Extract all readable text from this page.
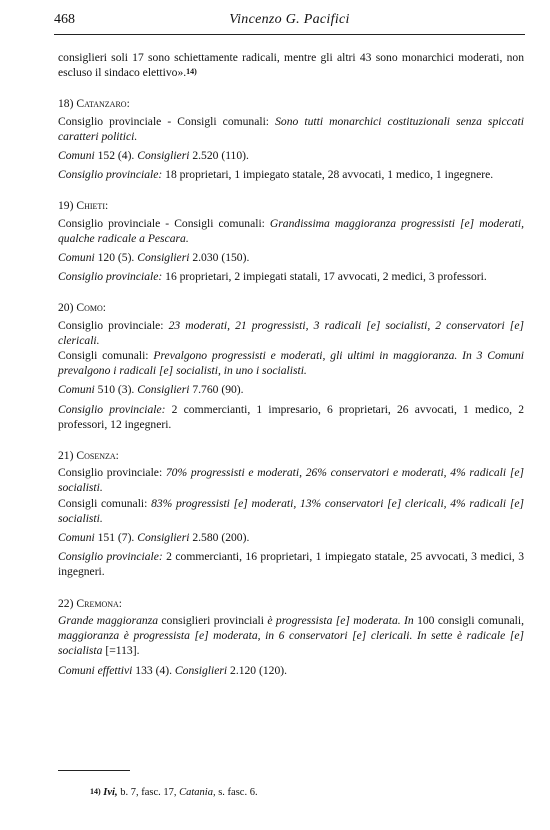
468	Vincenzo G. Pacifici

consiglieri soli 17 sono schiettamente radicali, mentre gli altri 43 sono monarchici moderati, non escluso il sindaco elettivo».$^{14)}$

18) Catanzaro:

Consiglio provinciale - Consigli comunali: Sono tutti monarchici costituzionali senza spiccati caratteri politici.

Comuni 152 (4). Consiglieri 2.520 (110).

Consiglio provinciale: 18 proprietari, 1 impiegato statale, 28 avvocati, 1 medico, 1 ingegnere.

19) Chieti:

Consiglio provinciale - Consigli comunali: Grandissima maggioranza progressisti [e] moderati, qualche radicale a Pescara.

Comuni 120 (5). Consiglieri 2.030 (150).

Consiglio provinciale: 16 proprietari, 2 impiegati statali, 17 avvocati, 2 medici, 3 professori.

20) Como:

Consiglio provinciale: 23 moderati, 21 progressisti, 3 radicali [e] socialisti, 2 conservatori [e] clericali.

Consigli comunali: Prevalgono progressisti e moderati, gli ultimi in maggioranza. In 3 Comuni prevalgono i radicali [e] socialisti, in uno i socialisti.

Comuni 510 (3). Consiglieri 7.760 (90).

Consiglio provinciale: 2 commercianti, 1 impresario, 6 proprietari, 26 avvocati, 1 medico, 2 professori, 12 ingegneri.

21) Cosenza:

Consiglio provinciale: 70% progressisti e moderati, 26% conservatori e moderati, 4% radicali [e] socialisti.

Consigli comunali: 83% progressisti [e] moderati, 13% conservatori [e] clericali, 4% radicali [e] socialisti.

Comuni 151 (7). Consiglieri 2.580 (200).

Consiglio provinciale: 2 commercianti, 16 proprietari, 1 impiegato statale, 25 avvocati, 3 medici, 3 ingegneri.

22) Cremona:

Grande maggioranza consiglieri provinciali è progressista [e] moderata. In 100 consigli comunali, maggioranza è progressista [e] moderata, in 6 conservatori [e] clericali. In sette è radicale [e] socialista [=113].

Comuni effettivi 133 (4). Consiglieri 2.120 (120).

$^{14)}$ Ivi, b. 7, fasc. 17, Catania, s. fasc. 6.
